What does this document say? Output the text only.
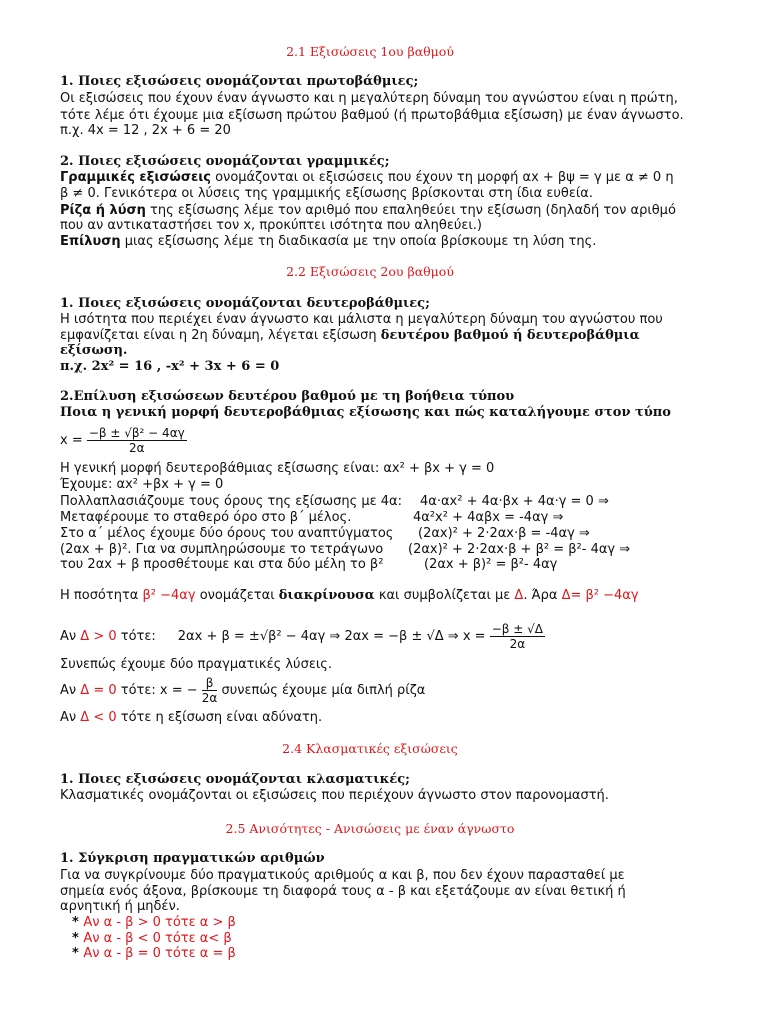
2.1 Εξισώσεις 1ου βαθμού
1. Ποιες εξισώσεις ονομάζονται πρωτοβάθμιες;
Οι εξισώσεις που έχουν έναν άγνωστο και η μεγαλύτερη δύναμη του αγνώστου είναι η πρώτη,
τότε λέμε ότι έχουμε μια εξίσωση πρώτου βαθμού (ή πρωτοβάθμια εξίσωση) με έναν άγνωστο.
π.χ. 4x = 12 , 2x + 6 = 20
2. Ποιες εξισώσεις ονομάζονται γραμμικές;
Γραμμικές εξισώσεις ονομάζονται οι εξισώσεις που έχουν τη μορφή αx + βψ = γ με α ≠ 0 η
β ≠ 0. Γενικότερα οι λύσεις της γραμμικής εξίσωσης βρίσκονται στη ίδια ευθεία.
Ρίζα ή λύση της εξίσωσης λέμε τον αριθμό που επαληθεύει την εξίσωση (δηλαδή τον αριθμό
που αν αντικαταστήσει τον x, προκύπτει ισότητα που αληθεύει.)
Επίλυση μιας εξίσωσης λέμε τη διαδικασία με την οποία βρίσκουμε τη λύση της.
2.2 Εξισώσεις 2ου βαθμού
1. Ποιες εξισώσεις ονομάζονται δευτεροβάθμιες;
Η ισότητα που περιέχει έναν άγνωστο και μάλιστα η μεγαλύτερη δύναμη του αγνώστου που
εμφανίζεται είναι η 2η δύναμη, λέγεται εξίσωση δευτέρου βαθμού ή δευτεροβάθμια
εξίσωση.
π.χ. 2x² = 16 , -x² + 3x + 6 = 0
2.Επίλυση εξισώσεων δευτέρου βαθμού με τη βοήθεια τύπου
Ποια η γενική μορφή δευτεροβάθμιας εξίσωσης και πώς καταλήγουμε στον τύπο
$x = \frac{\text{−β ± √β² − 4αγ}}{2\alpha}$
Η γενική μορφή δευτεροβάθμιας εξίσωσης είναι: αx² + βx + γ = 0
Έχουμε: αx² +βx + γ = 0
Πολλαπλασιάζουμε τους όρους της εξίσωσης με 4α: 4α·αx² + 4α·βx + 4α·γ = 0 ⇒
Μεταφέρουμε το σταθερό όρο στο β΄ μέλος.	4α²x² + 4αβx = -4αγ ⇒
Στο α΄ μέλος έχουμε δύο όρους του αναπτύγματος (2αx)² + 2·2αx·β = -4αγ ⇒
(2αx + β)². Για να συμπληρώσουμε το τετράγωνο (2αx)² + 2·2αx·β + β² = β²- 4αγ ⇒
του 2αx + β προσθέτουμε και στα δύο μέλη το β²	(2αx + β)² = β²- 4αγ
Η ποσότητα β² −4αγ ονομάζεται διακρίνουσα και συμβολίζεται με Δ. Άρα Δ= β² −4αγ
Αν Δ > 0 τότε: 2αx + β = ±√β² − 4αγ ⇒ 2αx = −β ± √Δ ⇒ $x = \frac{-\beta \pm √\Delta}{2\alpha}$
Συνεπώς έχουμε δύο πραγματικές λύσεις.
Αν Δ = 0 τότε: x = − $\frac{\beta}{2\alpha}$ συνεπώς έχουμε μία διπλή ρίζα
Αν Δ < 0 τότε η εξίσωση είναι αδύνατη.
2.4 Κλασματικές εξισώσεις
1. Ποιες εξισώσεις ονομάζονται κλασματικές;
Κλασματικές ονομάζονται οι εξισώσεις που περιέχουν άγνωστο στον παρονομαστή.
2.5 Ανισότητες - Ανισώσεις με έναν άγνωστο
1. Σύγκριση πραγματικών αριθμών
Για να συγκρίνουμε δύο πραγματικούς αριθμούς α και β, που δεν έχουν παρασταθεί με
σημεία ενός άξονα, βρίσκουμε τη διαφορά τους α - β και εξετάζουμε αν είναι θετική ή
αρνητική ή μηδέν.
* Αν α - β > 0 τότε α > β
* Αν α - β < 0 τότε α< β
* Αν α - β = 0 τότε α = β
